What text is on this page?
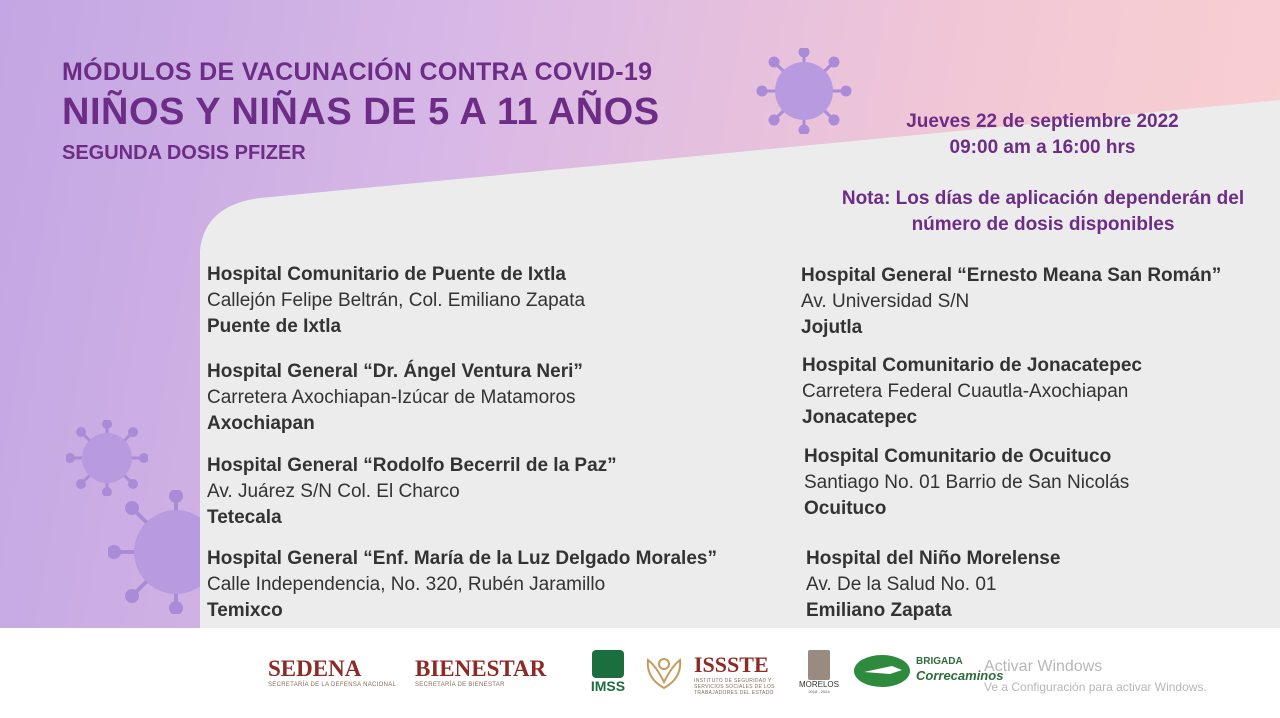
MÓDULOS DE VACUNACIÓN CONTRA COVID-19
NIÑOS Y NIÑAS DE 5 A 11 AÑOS
SEGUNDA DOSIS PFIZER
Jueves 22 de septiembre 2022
09:00 am a 16:00 hrs
Nota: Los días de aplicación dependerán del número de dosis disponibles
Hospital Comunitario de Puente de Ixtla
Callejón Felipe Beltrán, Col. Emiliano Zapata
Puente de Ixtla
Hospital General “Dr. Ángel Ventura Neri”
Carretera Axochiapan-Izúcar de Matamoros
Axochiapan
Hospital General “Rodolfo Becerril de la Paz”
Av. Juárez S/N Col. El Charco
Tetecala
Hospital General “Enf. María de la Luz Delgado Morales”
Calle Independencia, No. 320, Rubén Jaramillo
Temixco
Hospital General “Ernesto Meana San Román”
Av. Universidad S/N
Jojutla
Hospital Comunitario de Jonacatepec
Carretera Federal Cuautla-Axochiapan
Jonacatepec
Hospital Comunitario de Ocuituco
Santiago No. 01 Barrio de San Nicolás
Ocuituco
Hospital del Niño Morelense
Av. De la Salud No. 01
Emiliano Zapata
SEDENA
SECRETARÍA DE LA DEFENSA NACIONAL
BIENESTAR
SECRETARÍA DE BIENESTAR	IMSS
ISSSTE
INSTITUTO DE SEGURIDAD Y SERVICIOS SOCIALES DE LOS TRABAJADORES DEL ESTADO
MORELOS
2018 - 2024
BRIGADA
Correcaminos
Activar Windows
Ve a Configuración para activar Windows.
